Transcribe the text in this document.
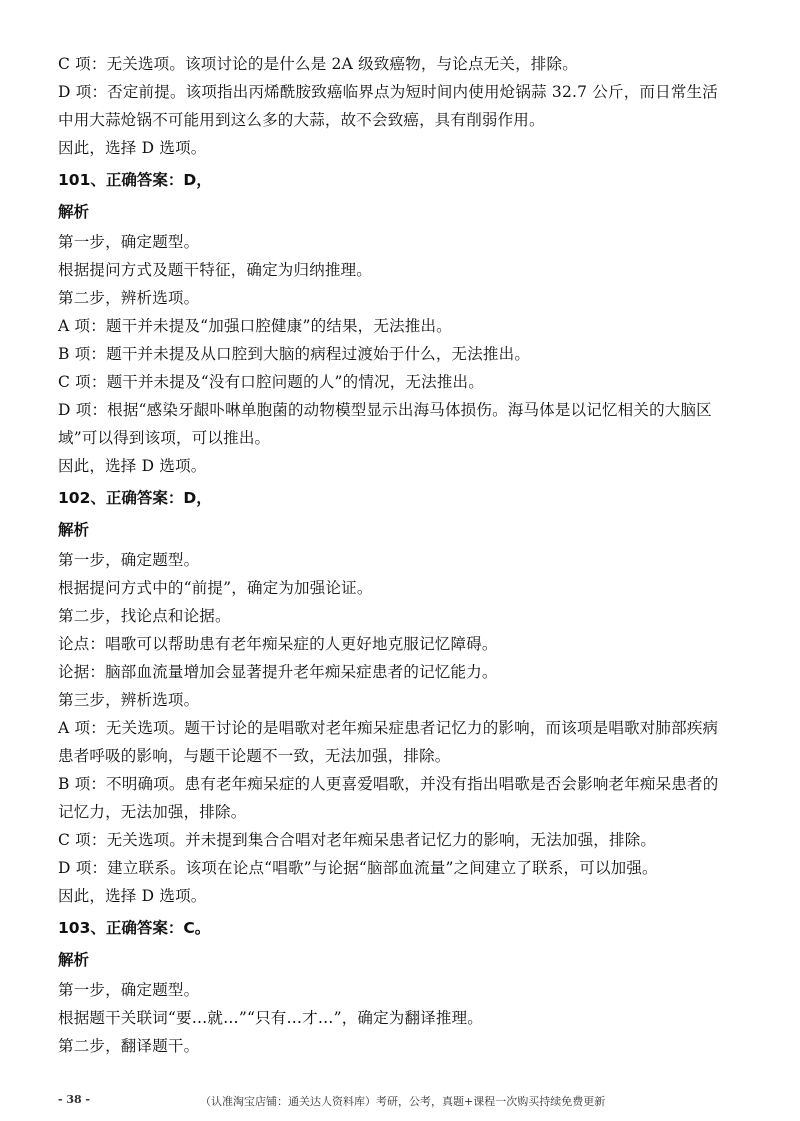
C 项：无关选项。该项讨论的是什么是 2A 级致癌物，与论点无关，排除。
D 项：否定前提。该项指出丙烯酰胺致癌临界点为短时间内使用炝锅蒜 32.7 公斤，而日常生活
中用大蒜炝锅不可能用到这么多的大蒜，故不会致癌，具有削弱作用。
因此，选择 D 选项。
101、正确答案：D，
解析
第一步，确定题型。
根据提问方式及题干特征，确定为归纳推理。
第二步，辨析选项。
A 项：题干并未提及“加强口腔健康”的结果，无法推出。
B 项：题干并未提及从口腔到大脑的病程过渡始于什么，无法推出。
C 项：题干并未提及“没有口腔问题的人”的情况，无法推出。
D 项：根据“感染牙龈卟啉单胞菌的动物模型显示出海马体损伤。海马体是以记忆相关的大脑区
域”可以得到该项，可以推出。
因此，选择 D 选项。
102、正确答案：D，
解析
第一步，确定题型。
根据提问方式中的“前提”，确定为加强论证。
第二步，找论点和论据。
论点：唱歌可以帮助患有老年痴呆症的人更好地克服记忆障碍。
论据：脑部血流量增加会显著提升老年痴呆症患者的记忆能力。
第三步，辨析选项。
A 项：无关选项。题干讨论的是唱歌对老年痴呆症患者记忆力的影响，而该项是唱歌对肺部疾病
患者呼吸的影响，与题干论题不一致，无法加强，排除。
B 项：不明确项。患有老年痴呆症的人更喜爱唱歌，并没有指出唱歌是否会影响老年痴呆患者的
记忆力，无法加强，排除。
C 项：无关选项。并未提到集合合唱对老年痴呆患者记忆力的影响，无法加强，排除。
D 项：建立联系。该项在论点“唱歌”与论据“脑部血流量”之间建立了联系，可以加强。
因此，选择 D 选项。
103、正确答案：C。
解析
第一步，确定题型。
根据题干关联词“要…就…”“只有…才…”，确定为翻译推理。
第二步，翻译题干。
- 38 -	（认准淘宝店铺：通关达人资料库）考研，公考，真题+课程一次购买持续免费更新
